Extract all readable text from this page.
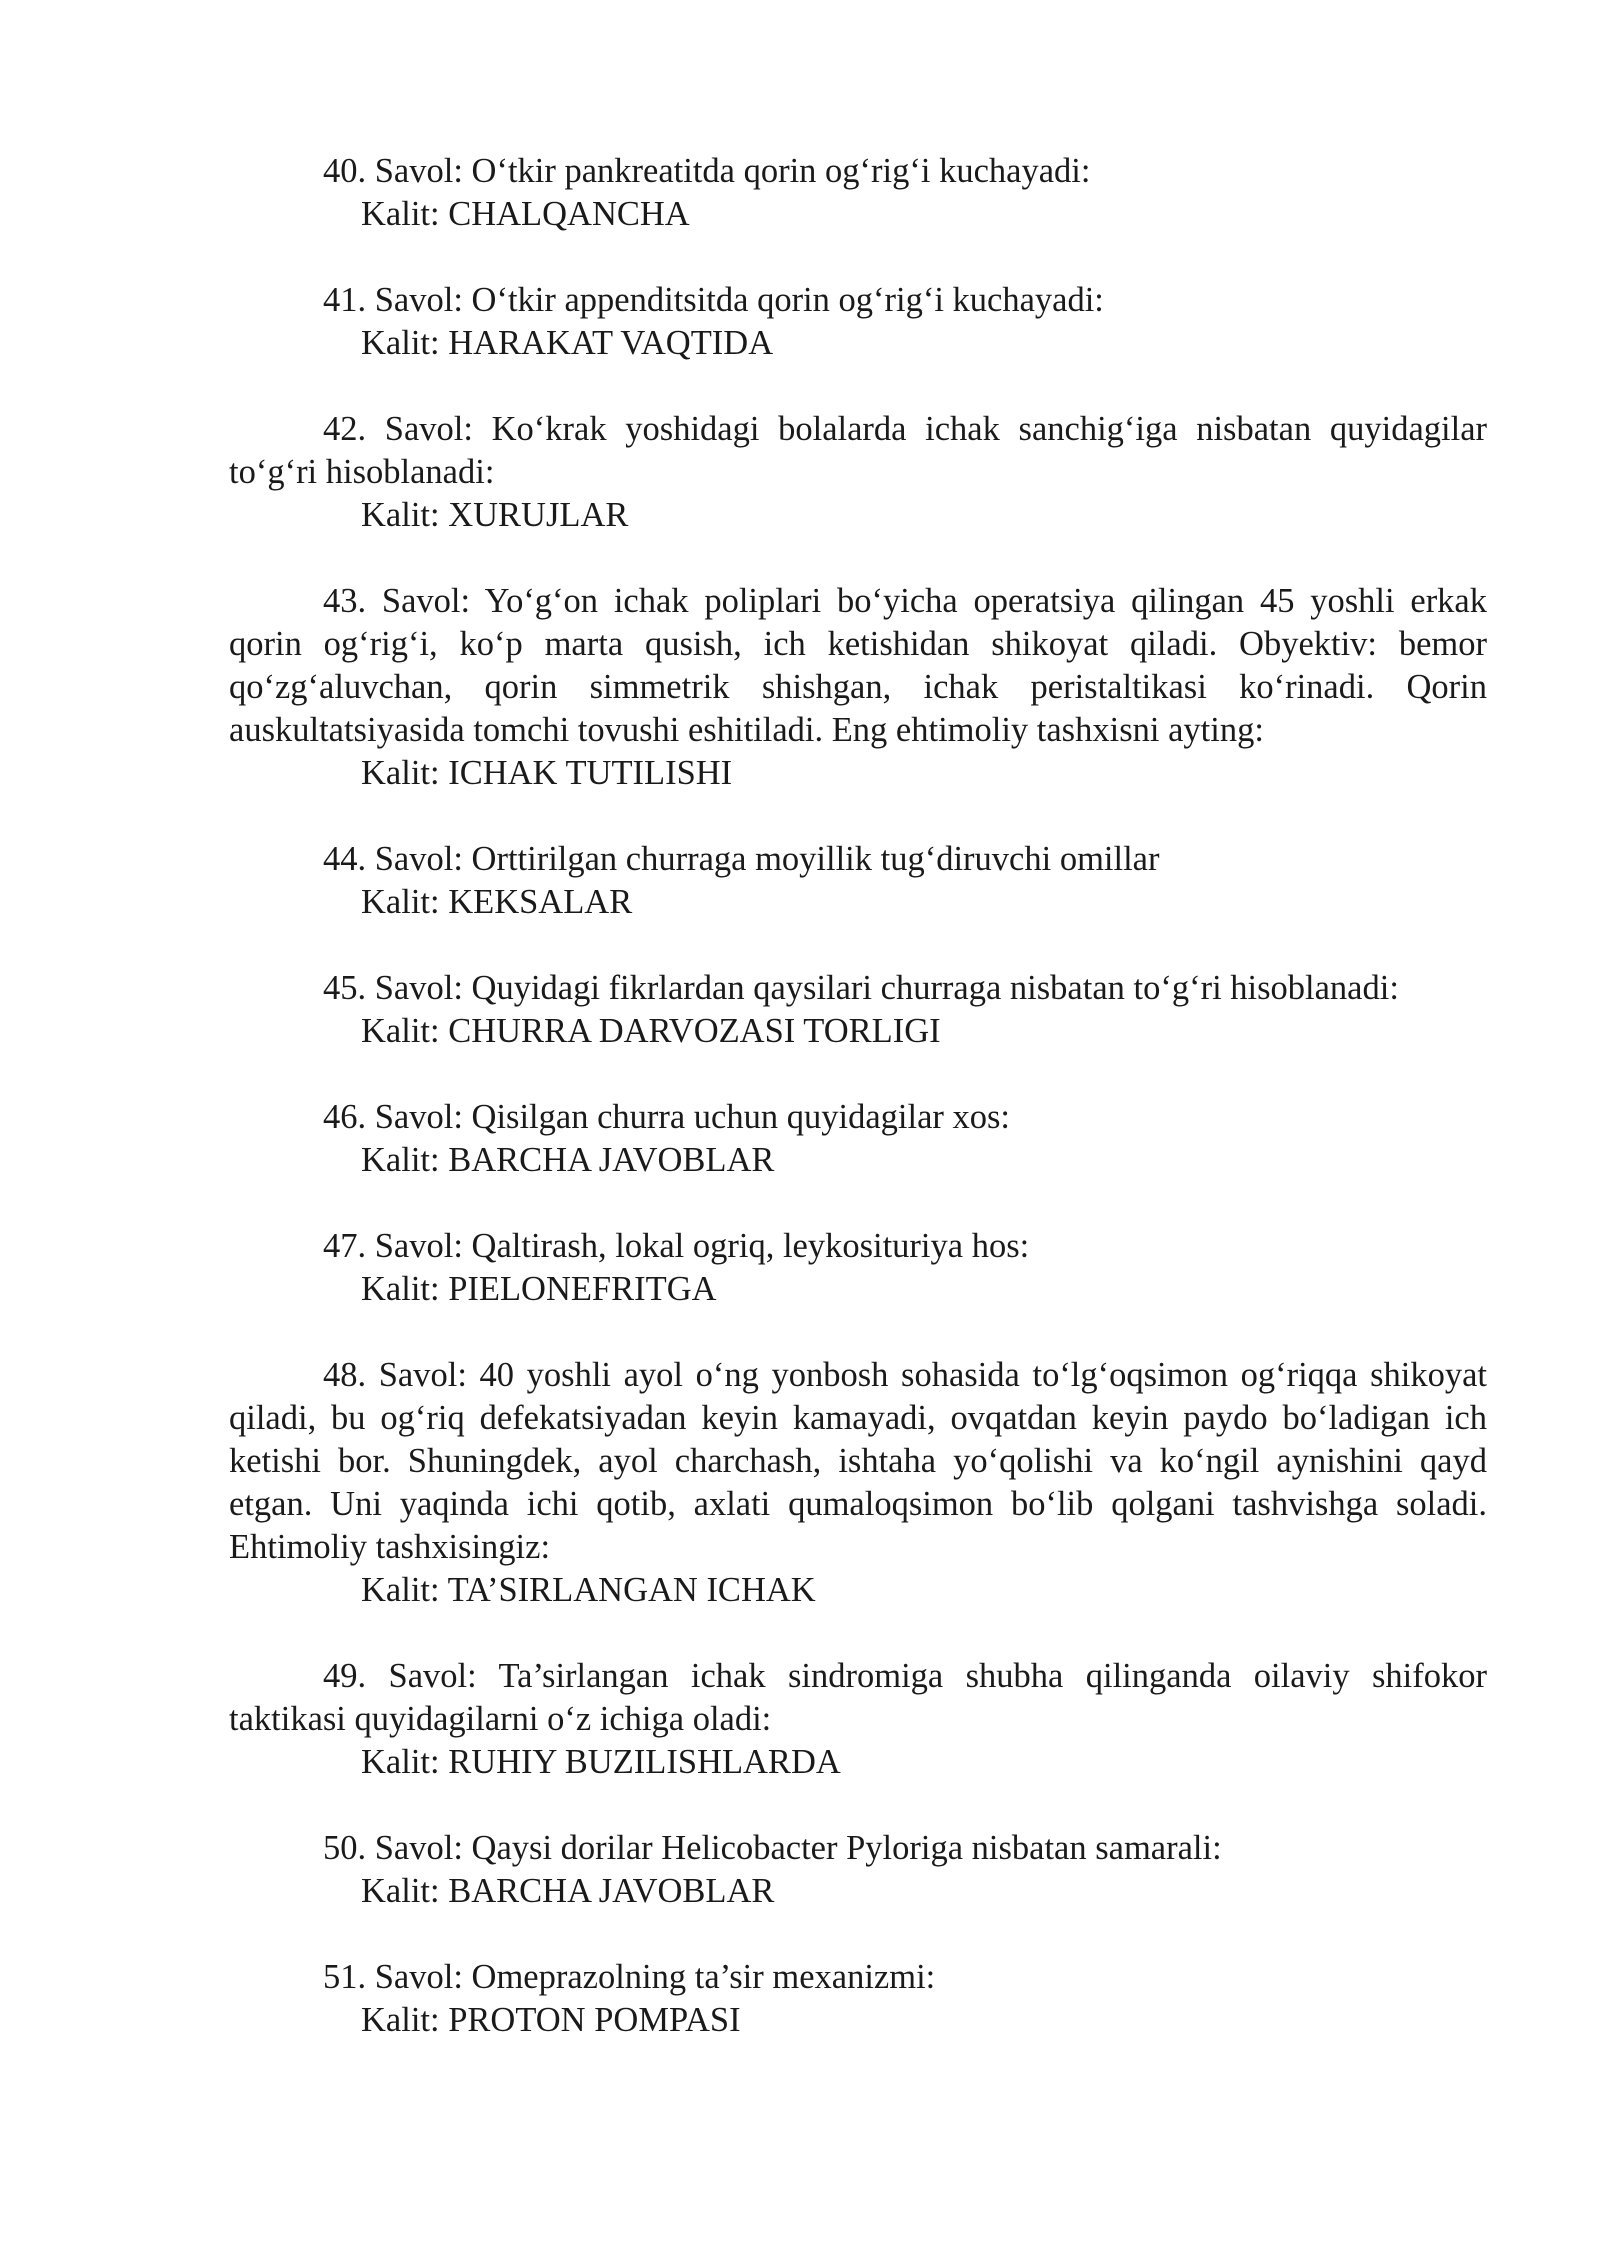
40. Savol: O‘tkir pankreatitda qorin og‘rig‘i kuchayadi:

Kalit: CHALQANCHA

41. Savol: O‘tkir appenditsitda qorin og‘rig‘i kuchayadi:

Kalit: HARAKAT VAQTIDA

42. Savol: Ko‘krak yoshidagi bolalarda ichak sanchig‘iga nisbatan quyidagilar to‘g‘ri hisoblanadi:

Kalit: XURUJLAR

43. Savol: Yo‘g‘on ichak poliplari bo‘yicha operatsiya qilingan 45 yoshli erkak qorin og‘rig‘i, ko‘p marta qusish, ich ketishidan shikoyat qiladi. Obyektiv: bemor qo‘zg‘aluvchan, qorin simmetrik shishgan, ichak peristaltikasi ko‘rinadi. Qorin auskultatsiyasida tomchi tovushi eshitiladi. Eng ehtimoliy tashxisni ayting:

Kalit: ICHAK TUTILISHI

44. Savol: Orttirilgan churraga moyillik tug‘diruvchi omillar

Kalit: KEKSALAR

45. Savol: Quyidagi fikrlardan qaysilari churraga nisbatan to‘g‘ri hisoblanadi:

Kalit: CHURRA DARVOZASI TORLIGI

46. Savol: Qisilgan churra uchun quyidagilar xos:

Kalit: BARCHA JAVOBLAR

47. Savol: Qaltirash, lokal ogriq, leykosituriya hos:

Kalit: PIELONEFRITGA

48. Savol: 40 yoshli ayol o‘ng yonbosh sohasida to‘lg‘oqsimon og‘riqqa shikoyat qiladi, bu og‘riq defekatsiyadan keyin kamayadi, ovqatdan keyin paydo bo‘ladigan ich ketishi bor. Shuningdek, ayol charchash, ishtaha yo‘qolishi va ko‘ngil aynishini qayd etgan. Uni yaqinda ichi qotib, axlati qumaloqsimon bo‘lib qolgani tashvishga soladi. Ehtimoliy tashxisingiz:

Kalit: TA’SIRLANGAN ICHAK

49. Savol: Ta’sirlangan ichak sindromiga shubha qilinganda oilaviy shifokor taktikasi quyidagilarni o‘z ichiga oladi:

Kalit: RUHIY BUZILISHLARDA

50. Savol: Qaysi dorilar Helicobacter Pyloriga nisbatan samarali:

Kalit: BARCHA JAVOBLAR

51. Savol: Omeprazolning ta’sir mexanizmi:

Kalit: PROTON POMPASI
